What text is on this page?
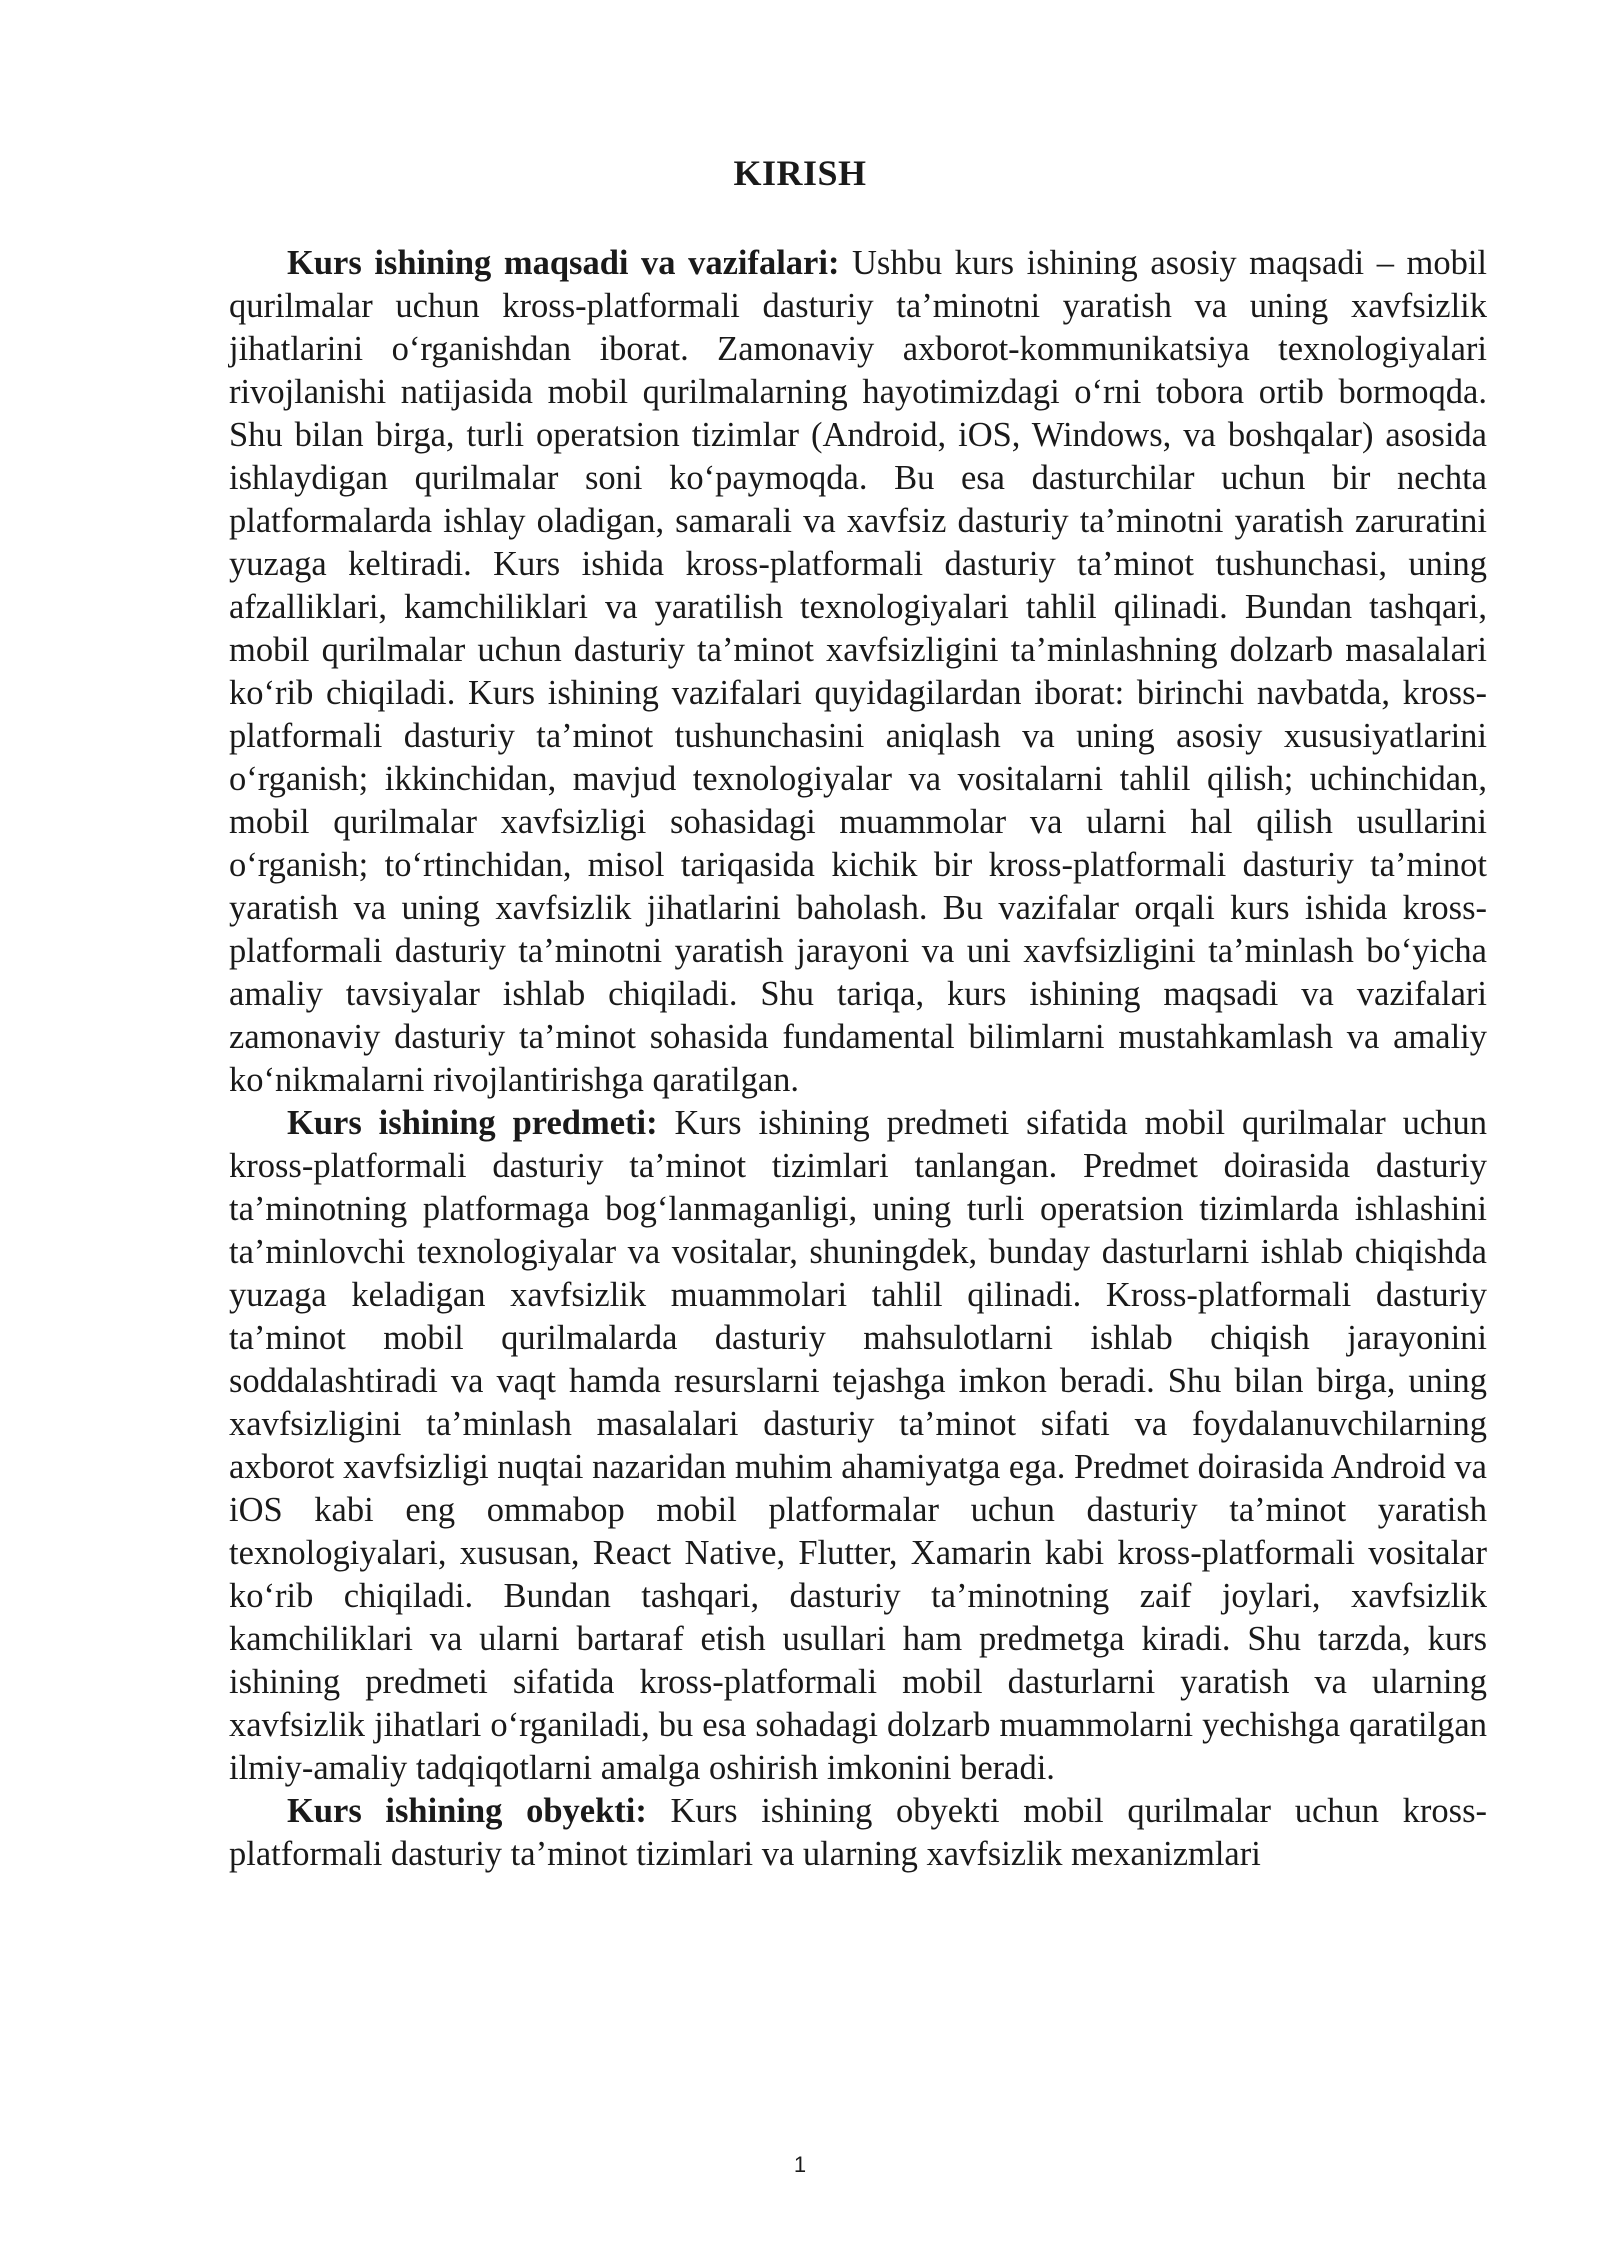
KIRISH

Kurs ishining maqsadi va vazifalari: Ushbu kurs ishining asosiy maqsadi – mobil qurilmalar uchun kross-platformali dasturiy ta’minotni yaratish va uning xavfsizlik jihatlarini o‘rganishdan iborat. Zamonaviy axborot-kommunikatsiya texnologiyalari rivojlanishi natijasida mobil qurilmalarning hayotimizdagi o‘rni tobora ortib bormoqda. Shu bilan birga, turli operatsion tizimlar (Android, iOS, Windows, va boshqalar) asosida ishlaydigan qurilmalar soni ko‘paymoqda. Bu esa dasturchilar uchun bir nechta platformalarda ishlay oladigan, samarali va xavfsiz dasturiy ta’minotni yaratish zaruratini yuzaga keltiradi. Kurs ishida kross-platformali dasturiy ta’minot tushunchasi, uning afzalliklari, kamchiliklari va yaratilish texnologiyalari tahlil qilinadi. Bundan tashqari, mobil qurilmalar uchun dasturiy ta’minot xavfsizligini ta’minlashning dolzarb masalalari ko‘rib chiqiladi. Kurs ishining vazifalari quyidagilardan iborat: birinchi navbatda, kross-platformali dasturiy ta’minot tushunchasini aniqlash va uning asosiy xususiyatlarini o‘rganish; ikkinchidan, mavjud texnologiyalar va vositalarni tahlil qilish; uchinchidan, mobil qurilmalar xavfsizligi sohasidagi muammolar va ularni hal qilish usullarini o‘rganish; to‘rtinchidan, misol tariqasida kichik bir kross-platformali dasturiy ta’minot yaratish va uning xavfsizlik jihatlarini baholash. Bu vazifalar orqali kurs ishida kross-platformali dasturiy ta’minotni yaratish jarayoni va uni xavfsizligini ta’minlash bo‘yicha amaliy tavsiyalar ishlab chiqiladi. Shu tariqa, kurs ishining maqsadi va vazifalari zamonaviy dasturiy ta’minot sohasida fundamental bilimlarni mustahkamlash va amaliy ko‘nikmalarni rivojlantirishga qaratilgan.

Kurs ishining predmeti: Kurs ishining predmeti sifatida mobil qurilmalar uchun kross-platformali dasturiy ta’minot tizimlari tanlangan. Predmet doirasida dasturiy ta’minotning platformaga bog‘lanmaganligi, uning turli operatsion tizimlarda ishlashini ta’minlovchi texnologiyalar va vositalar, shuningdek, bunday dasturlarni ishlab chiqishda yuzaga keladigan xavfsizlik muammolari tahlil qilinadi. Kross-platformali dasturiy ta’minot mobil qurilmalarda dasturiy mahsulotlarni ishlab chiqish jarayonini soddalashtiradi va vaqt hamda resurslarni tejashga imkon beradi. Shu bilan birga, uning xavfsizligini ta’minlash masalalari dasturiy ta’minot sifati va foydalanuvchilarning axborot xavfsizligi nuqtai nazaridan muhim ahamiyatga ega. Predmet doirasida Android va iOS kabi eng ommabop mobil platformalar uchun dasturiy ta’minot yaratish texnologiyalari, xususan, React Native, Flutter, Xamarin kabi kross-platformali vositalar ko‘rib chiqiladi. Bundan tashqari, dasturiy ta’minotning zaif joylari, xavfsizlik kamchiliklari va ularni bartaraf etish usullari ham predmetga kiradi. Shu tarzda, kurs ishining predmeti sifatida kross-platformali mobil dasturlarni yaratish va ularning xavfsizlik jihatlari o‘rganiladi, bu esa sohadagi dolzarb muammolarni yechishga qaratilgan ilmiy-amaliy tadqiqotlarni amalga oshirish imkonini beradi.

Kurs ishining obyekti: Kurs ishining obyekti mobil qurilmalar uchun kross-platformali dasturiy ta’minot tizimlari va ularning xavfsizlik mexanizmlari

1
